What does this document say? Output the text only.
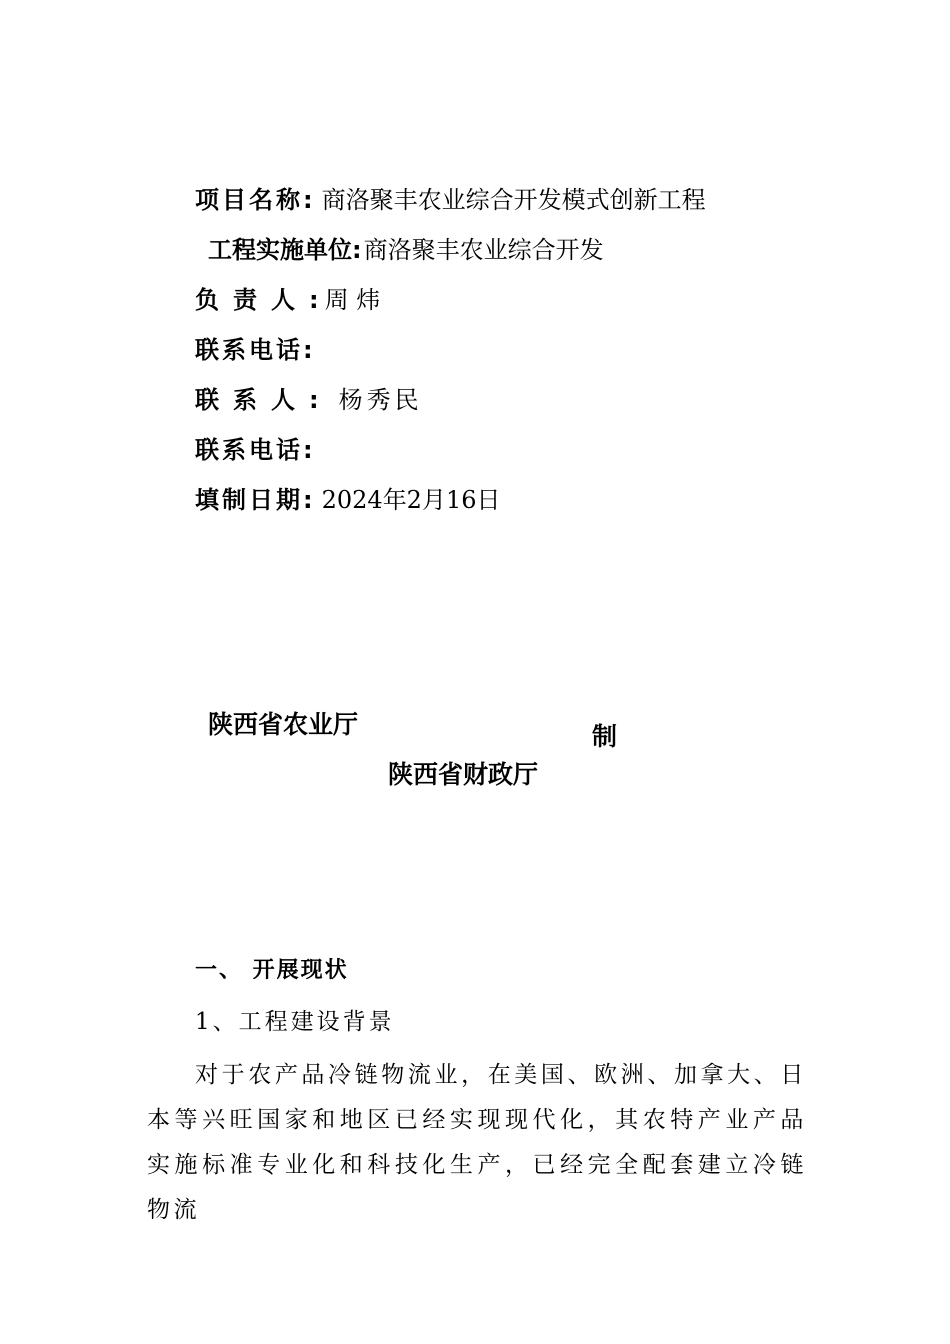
项目名称: 商洛聚丰农业综合开发模式创新工程
工程实施单位:商洛聚丰农业综合开发
负责人:周 炜
联系电话:
联系人: 杨秀民
联系电话:
填制日期: 2024年2月16日
陕西省农业厅	制
陕西省财政厅
一、 开展现状
1、工程建设背景
对于农产品冷链物流业，在美国、欧洲、加拿大、日本等兴旺国家和地区已经实现现代化，其农特产业产品实施标准专业化和科技化生产，已经完全配套建立冷链物流
